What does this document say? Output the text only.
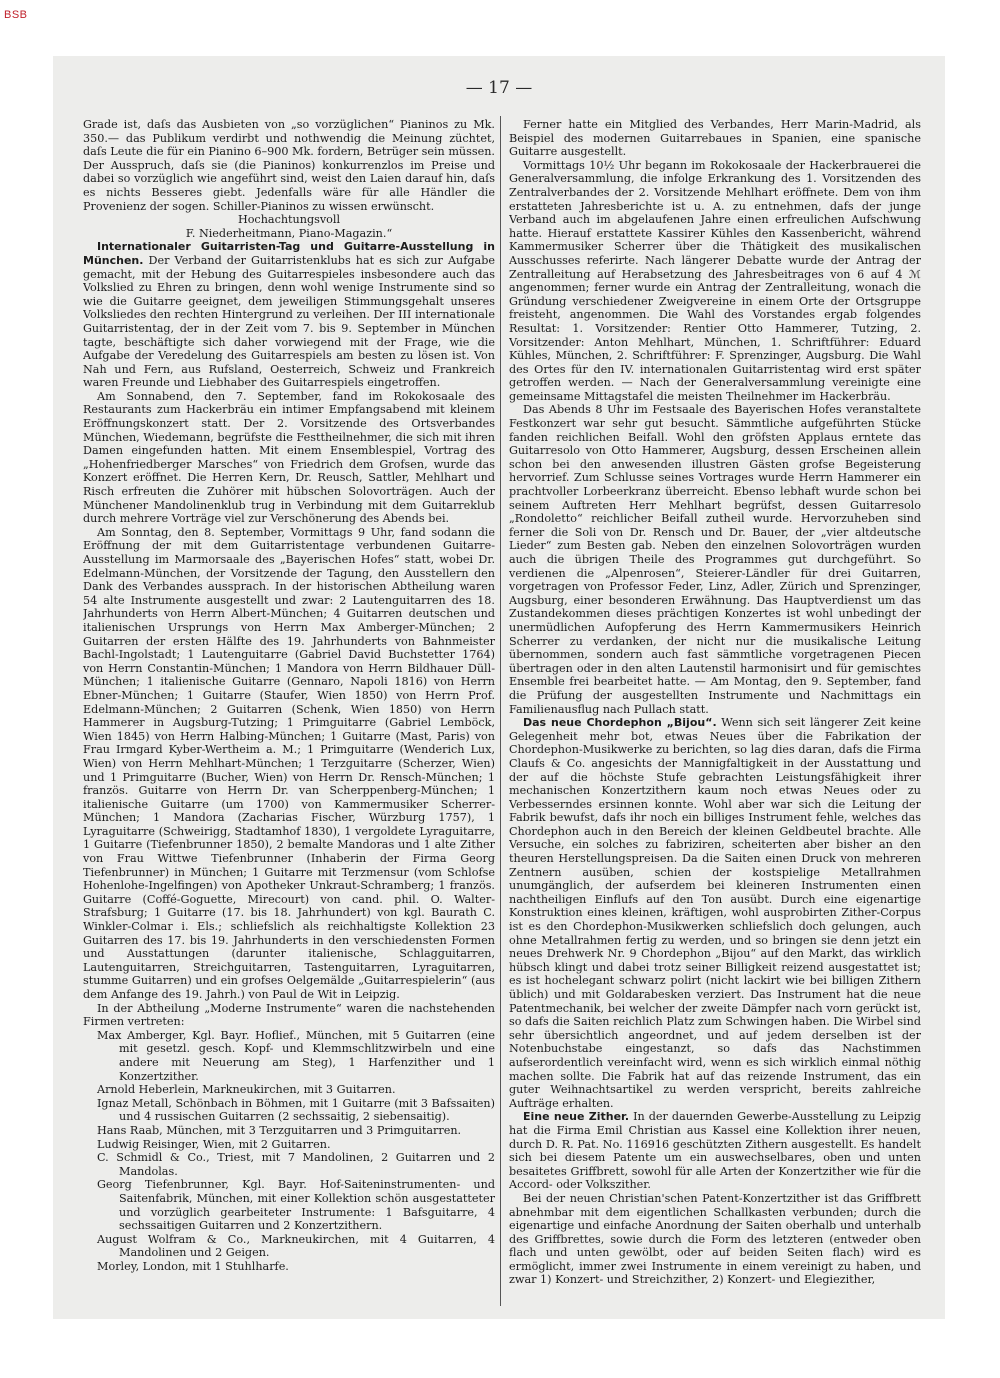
BSB
— 17 —

Grade ist, daſs das Ausbieten von „so vorzüglichen“ Pianinos zu Mk. 350.— das Publikum verdirbt und nothwendig die Meinung züchtet, daſs Leute die für ein Pianino 6–900 Mk. fordern, Betrüger sein müssen. Der Ausspruch, daſs sie (die Pianinos) konkurrenzlos im Preise und dabei so vorzüglich wie angeführt sind, weist den Laien darauf hin, daſs es nichts Besseres giebt. Jedenfalls wäre für alle Händler die Provenienz der sogen. Schiller-Pianinos zu wissen erwünscht.

Hochachtungsvoll

F. Niederheitmann, Piano-Magazin.“

Internationaler Guitarristen-Tag und Guitarre-Ausstellung in München. Der Verband der Guitarristenklubs hat es sich zur Aufgabe gemacht, mit der Hebung des Guitarrespieles insbesondere auch das Volkslied zu Ehren zu bringen, denn wohl wenige Instrumente sind so wie die Guitarre geeignet, dem jeweiligen Stimmungsgehalt unseres Volksliedes den rechten Hintergrund zu verleihen. Der III internationale Guitarristentag, der in der Zeit vom 7. bis 9. September in München tagte, beschäftigte sich daher vorwiegend mit der Frage, wie die Aufgabe der Veredelung des Guitarrespiels am besten zu lösen ist. Von Nah und Fern, aus Rufsland, Oesterreich, Schweiz und Frankreich waren Freunde und Liebhaber des Guitarrespiels eingetroffen.

Am Sonnabend, den 7. September, fand im Rokokosaale des Restaurants zum Hackerbräu ein intimer Empfangsabend mit kleinem Eröffnungskonzert statt. Der 2. Vorsitzende des Ortsverbandes München, Wiedemann, begrüfste die Festtheilnehmer, die sich mit ihren Damen eingefunden hatten. Mit einem Ensemblespiel, Vortrag des „Hohenfriedberger Marsches“ von Friedrich dem Grofsen, wurde das Konzert eröffnet. Die Herren Kern, Dr. Reusch, Sattler, Mehlhart und Risch erfreuten die Zuhörer mit hübschen Solovorträgen. Auch der Münchener Mandolinenklub trug in Verbindung mit dem Guitarreklub durch mehrere Vorträge viel zur Verschönerung des Abends bei.

Am Sonntag, den 8. September, Vormittags 9 Uhr, fand sodann die Eröffnung der mit dem Guitarristentage verbundenen Guitarre-Ausstellung im Marmorsaale des „Bayerischen Hofes“ statt, wobei Dr. Edelmann-München, der Vorsitzende der Tagung, den Ausstellern den Dank des Verbandes aussprach. In der historischen Abtheilung waren 54 alte Instrumente ausgestellt und zwar: 2 Lautenguitarren des 18. Jahrhunderts von Herrn Albert-München; 4 Guitarren deutschen und italienischen Ursprungs von Herrn Max Amberger-München; 2 Guitarren der ersten Hälfte des 19. Jahrhunderts von Bahnmeister Bachl-Ingolstadt; 1 Lautenguitarre (Gabriel David Buchstetter 1764) von Herrn Constantin-München; 1 Mandora von Herrn Bildhauer Düll-München; 1 italienische Guitarre (Gennaro, Napoli 1816) von Herrn Ebner-München; 1 Guitarre (Staufer, Wien 1850) von Herrn Prof. Edelmann-München; 2 Guitarren (Schenk, Wien 1850) von Herrn Hammerer in Augsburg-Tutzing; 1 Primguitarre (Gabriel Lemböck, Wien 1845) von Herrn Halbing-München; 1 Guitarre (Mast, Paris) von Frau Irmgard Kyber-Wertheim a. M.; 1 Primguitarre (Wenderich Lux, Wien) von Herrn Mehlhart-München; 1 Terzguitarre (Scherzer, Wien) und 1 Primguitarre (Bucher, Wien) von Herrn Dr. Rensch-München; 1 französ. Guitarre von Herrn Dr. van Scherppenberg-München; 1 italienische Guitarre (um 1700) von Kammermusiker Scherrer-München; 1 Mandora (Zacharias Fischer, Würzburg 1757), 1 Lyraguitarre (Schweirigg, Stadtamhof 1830), 1 vergoldete Lyraguitarre, 1 Guitarre (Tiefenbrunner 1850), 2 bemalte Mandoras und 1 alte Zither von Frau Wittwe Tiefenbrunner (Inhaberin der Firma Georg Tiefenbrunner) in München; 1 Guitarre mit Terzmensur (vom Schlofse Hohenlohe-Ingelfingen) von Apotheker Unkraut-Schramberg; 1 französ. Guitarre (Coffé-Goguette, Mirecourt) von cand. phil. O. Walter-Strafsburg; 1 Guitarre (17. bis 18. Jahrhundert) von kgl. Baurath C. Winkler-Colmar i. Els.; schliefslich als reichhaltigste Kollektion 23 Guitarren des 17. bis 19. Jahrhunderts in den verschiedensten Formen und Ausstattungen (darunter italienische, Schlagguitarren, Lautenguitarren, Streichguitarren, Tastenguitarren, Lyraguitarren, stumme Guitarren) und ein grofses Oelgemälde „Guitarrespielerin“ (aus dem Anfange des 19. Jahrh.) von Paul de Wit in Leipzig.

In der Abtheilung „Moderne Instrumente“ waren die nachstehenden Firmen vertreten:

Max Amberger, Kgl. Bayr. Hoflief., München, mit 5 Guitarren (eine mit gesetzl. gesch. Kopf- und Klemmschlitzwirbeln und eine andere mit Neuerung am Steg), 1 Harfenzither und 1 Konzertzither.

Arnold Heberlein, Markneukirchen, mit 3 Guitarren.

Ignaz Metall, Schönbach in Böhmen, mit 1 Guitarre (mit 3 Bafssaiten) und 4 russischen Guitarren (2 sechssaitig, 2 siebensaitig).

Hans Raab, München, mit 3 Terzguitarren und 3 Primguitarren.

Ludwig Reisinger, Wien, mit 2 Guitarren.

C. Schmidl & Co., Triest, mit 7 Mandolinen, 2 Guitarren und 2 Mandolas.

Georg Tiefenbrunner, Kgl. Bayr. Hof-Saiteninstrumenten- und Saitenfabrik, München, mit einer Kollektion schön ausgestatteter und vorzüglich gearbeiteter Instrumente: 1 Bafsguitarre, 4 sechssaitigen Guitarren und 2 Konzertzithern.

August Wolfram & Co., Markneukirchen, mit 4 Guitarren, 4 Mandolinen und 2 Geigen.

Morley, London, mit 1 Stuhlharfe.

Ferner hatte ein Mitglied des Verbandes, Herr Marin-Madrid, als Beispiel des modernen Guitarrebaues in Spanien, eine spanische Guitarre ausgestellt.

Vormittags 10½ Uhr begann im Rokokosaale der Hackerbrauerei die Generalversammlung, die infolge Erkrankung des 1. Vorsitzenden des Zentralverbandes der 2. Vorsitzende Mehlhart eröffnete. Dem von ihm erstatteten Jahresberichte ist u. A. zu entnehmen, dafs der junge Verband auch im abgelaufenen Jahre einen erfreulichen Aufschwung hatte. Hierauf erstattete Kassirer Kühles den Kassenbericht, während Kammermusiker Scherrer über die Thätigkeit des musikalischen Ausschusses referirte. Nach längerer Debatte wurde der Antrag der Zentralleitung auf Herabsetzung des Jahresbeitrages von 6 auf 4 ℳ angenommen; ferner wurde ein Antrag der Zentralleitung, wonach die Gründung verschiedener Zweigvereine in einem Orte der Ortsgruppe freisteht, angenommen. Die Wahl des Vorstandes ergab folgendes Resultat: 1. Vorsitzender: Rentier Otto Hammerer, Tutzing, 2. Vorsitzender: Anton Mehlhart, München, 1. Schriftführer: Eduard Kühles, München, 2. Schriftführer: F. Sprenzinger, Augsburg. Die Wahl des Ortes für den IV. internationalen Guitarristentag wird erst später getroffen werden. — Nach der Generalversammlung vereinigte eine gemeinsame Mittagstafel die meisten Theilnehmer im Hackerbräu.

Das Abends 8 Uhr im Festsaale des Bayerischen Hofes veranstaltete Festkonzert war sehr gut besucht. Sämmtliche aufgeführten Stücke fanden reichlichen Beifall. Wohl den gröfsten Applaus erntete das Guitarresolo von Otto Hammerer, Augsburg, dessen Erscheinen allein schon bei den anwesenden illustren Gästen grofse Begeisterung hervorrief. Zum Schlusse seines Vortrages wurde Herrn Hammerer ein prachtvoller Lorbeerkranz überreicht. Ebenso lebhaft wurde schon bei seinem Auftreten Herr Mehlhart begrüfst, dessen Guitarresolo „Rondoletto“ reichlicher Beifall zutheil wurde. Hervorzuheben sind ferner die Soli von Dr. Rensch und Dr. Bauer, der „vier altdeutsche Lieder“ zum Besten gab. Neben den einzelnen Solovorträgen wurden auch die übrigen Theile des Programmes gut durchgeführt. So verdienen die „Alpenrosen“, Steierer-Ländler für drei Guitarren, vorgetragen von Professor Feder, Linz, Adler, Zürich und Sprenzinger, Augsburg, einer besonderen Erwähnung. Das Hauptverdienst um das Zustandekommen dieses prächtigen Konzertes ist wohl unbedingt der unermüdlichen Aufopferung des Herrn Kammermusikers Heinrich Scherrer zu verdanken, der nicht nur die musikalische Leitung übernommen, sondern auch fast sämmtliche vorgetragenen Piecen übertragen oder in den alten Lautenstil harmonisirt und für gemischtes Ensemble frei bearbeitet hatte. — Am Montag, den 9. September, fand die Prüfung der ausgestellten Instrumente und Nachmittags ein Familienausflug nach Pullach statt.

Das neue Chordephon „Bijou“. Wenn sich seit längerer Zeit keine Gelegenheit mehr bot, etwas Neues über die Fabrikation der Chordephon-Musikwerke zu berichten, so lag dies daran, dafs die Firma Claufs & Co. angesichts der Mannigfaltigkeit in der Ausstattung und der auf die höchste Stufe gebrachten Leistungsfähigkeit ihrer mechanischen Konzertzithern kaum noch etwas Neues oder zu Verbesserndes ersinnen konnte. Wohl aber war sich die Leitung der Fabrik bewufst, dafs ihr noch ein billiges Instrument fehle, welches das Chordephon auch in den Bereich der kleinen Geldbeutel brachte. Alle Versuche, ein solches zu fabriziren, scheiterten aber bisher an den theuren Herstellungspreisen. Da die Saiten einen Druck von mehreren Zentnern ausüben, schien der kostspielige Metallrahmen unumgänglich, der aufserdem bei kleineren Instrumenten einen nachtheiligen Einflufs auf den Ton ausübt. Durch eine eigenartige Konstruktion eines kleinen, kräftigen, wohl ausprobirten Zither-Corpus ist es den Chordephon-Musikwerken schliefslich doch gelungen, auch ohne Metallrahmen fertig zu werden, und so bringen sie denn jetzt ein neues Drehwerk Nr. 9 Chordephon „Bijou“ auf den Markt, das wirklich hübsch klingt und dabei trotz seiner Billigkeit reizend ausgestattet ist; es ist hochelegant schwarz polirt (nicht lackirt wie bei billigen Zithern üblich) und mit Goldarabesken verziert. Das Instrument hat die neue Patentmechanik, bei welcher der zweite Dämpfer nach vorn gerückt ist, so dafs die Saiten reichlich Platz zum Schwingen haben. Die Wirbel sind sehr übersichtlich angeordnet, und auf jedem derselben ist der Notenbuchstabe eingestanzt, so dafs das Nachstimmen aufserordentlich vereinfacht wird, wenn es sich wirklich einmal nöthig machen sollte. Die Fabrik hat auf das reizende Instrument, das ein guter Weihnachtsartikel zu werden verspricht, bereits zahlreiche Aufträge erhalten.

Eine neue Zither. In der dauernden Gewerbe-Ausstellung zu Leipzig hat die Firma Emil Christian aus Kassel eine Kollektion ihrer neuen, durch D. R. Pat. No. 116916 geschützten Zithern ausgestellt. Es handelt sich bei diesem Patente um ein auswechselbares, oben und unten besaitetes Griffbrett, sowohl für alle Arten der Konzertzither wie für die Accord- oder Volkszither.

Bei der neuen Christian'schen Patent-Konzertzither ist das Griffbrett abnehmbar mit dem eigentlichen Schallkasten verbunden; durch die eigenartige und einfache Anordnung der Saiten oberhalb und unterhalb des Griffbrettes, sowie durch die Form des letzteren (entweder oben flach und unten gewölbt, oder auf beiden Seiten flach) wird es ermöglicht, immer zwei Instrumente in einem vereinigt zu haben, und zwar 1) Konzert- und Streichzither, 2) Konzert- und Elegiezither,
